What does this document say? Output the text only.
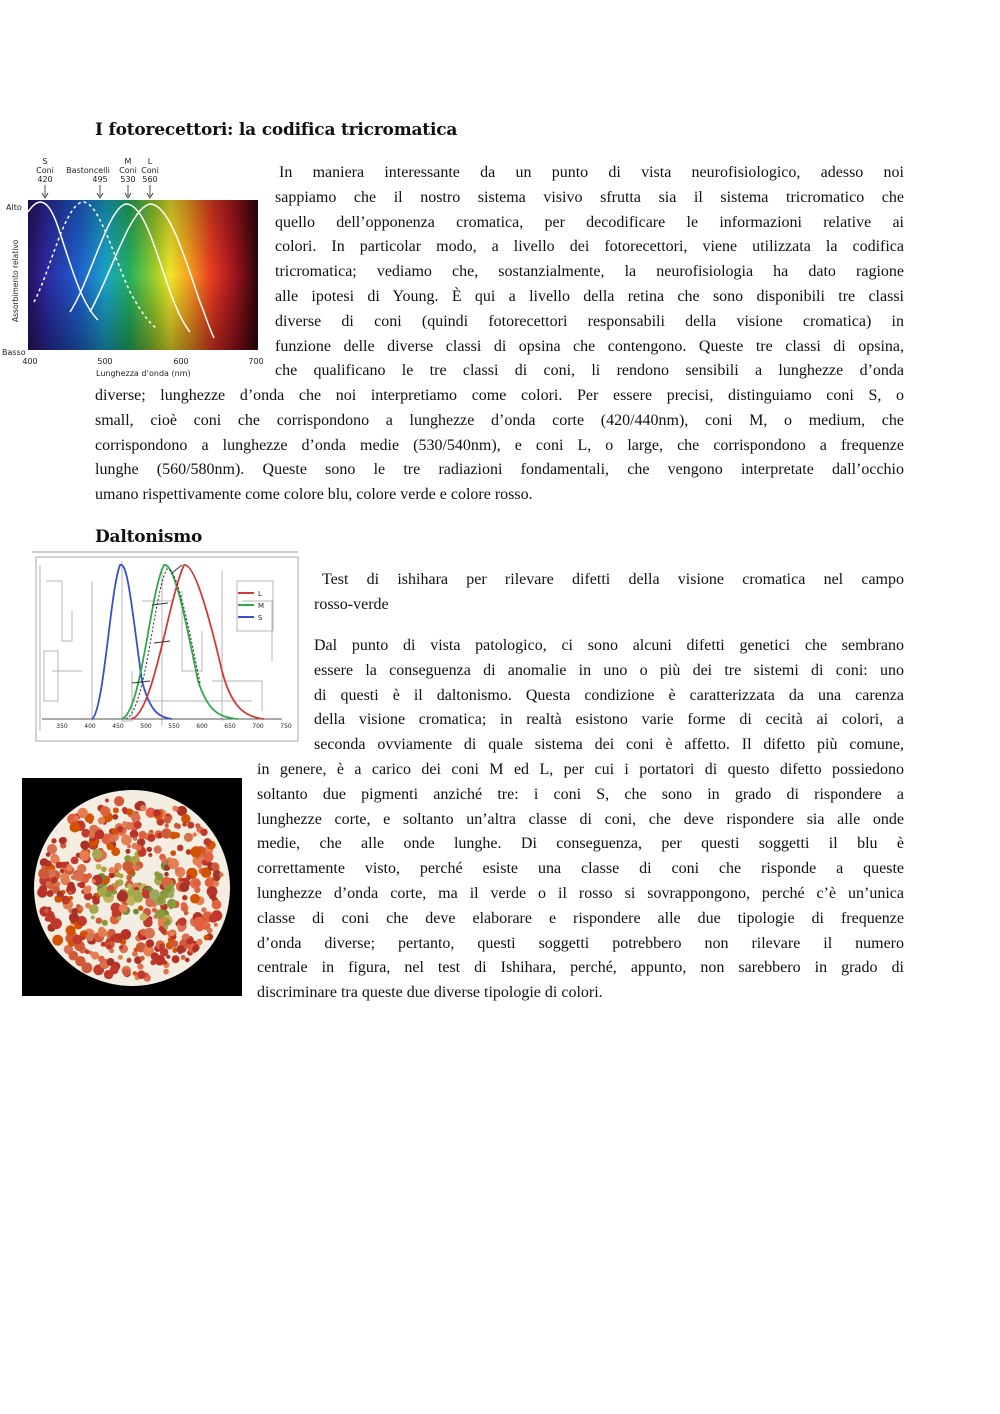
I fotorecettori: la codifica tricromatica
S
Coni
420
Bastoncelli
495
M
Coni
530
L
Coni
560
Alto
Basso
Assorbimento relativo
400	500	600	700
Lunghezza d’onda (nm)
In maniera interessante da un punto di vista neurofisiologico, adesso noi
sappiamo che il nostro sistema visivo sfrutta sia il sistema tricromatico che
quello dell’opponenza cromatica, per decodificare le informazioni relative ai
colori. In particolar modo, a livello dei fotorecettori, viene utilizzata la codifica
tricromatica; vediamo che, sostanzialmente, la neurofisiologia ha dato ragione
alle ipotesi di Young. È qui a livello della retina che sono disponibili tre classi
diverse di coni (quindi fotorecettori responsabili della visione cromatica) in
funzione delle diverse classi di opsina che contengono. Queste tre classi di opsina,
che qualificano le tre classi di coni, li rendono sensibili a lunghezze d’onda
diverse; lunghezze d’onda che noi interpretiamo come colori. Per essere precisi, distinguiamo coni S, o
small, cioè coni che corrispondono a lunghezze d’onda corte (420/440nm), coni M, o medium, che
corrispondono a lunghezze d’onda medie (530/540nm), e coni L, o large, che corrispondono a frequenze
lunghe (560/580nm). Queste sono le tre radiazioni fondamentali, che vengono interpretate dall’occhio
umano rispettivamente come colore blu, colore verde e colore rosso.
Daltonismo
L
M
S
350	400	450	500	550	600	650	700	750
Test di ishihara per rilevare difetti della visione cromatica nel campo
rosso-verde
Dal punto di vista patologico, ci sono alcuni difetti genetici che sembrano
essere la conseguenza di anomalie in uno o più dei tre sistemi di coni: uno
di questi è il daltonismo. Questa condizione è caratterizzata da una carenza
della visione cromatica; in realtà esistono varie forme di cecità ai colori, a
seconda ovviamente di quale sistema dei coni è affetto. Il difetto più comune,
in genere, è a carico dei coni M ed L, per cui i portatori di questo difetto possiedono
soltanto due pigmenti anziché tre: i coni S, che sono in grado di rispondere a
lunghezze corte, e soltanto un’altra classe di coni, che deve rispondere sia alle onde
medie, che alle onde lunghe. Di conseguenza, per questi soggetti il blu è
correttamente visto, perché esiste una classe di coni che risponde a queste
lunghezze d’onda corte, ma il verde o il rosso si sovrappongono, perché c’è un’unica
classe di coni che deve elaborare e rispondere alle due tipologie di frequenze
d’onda diverse; pertanto, questi soggetti potrebbero non rilevare il numero
centrale in figura, nel test di Ishihara, perché, appunto, non sarebbero in grado di
discriminare tra queste due diverse tipologie di colori.
